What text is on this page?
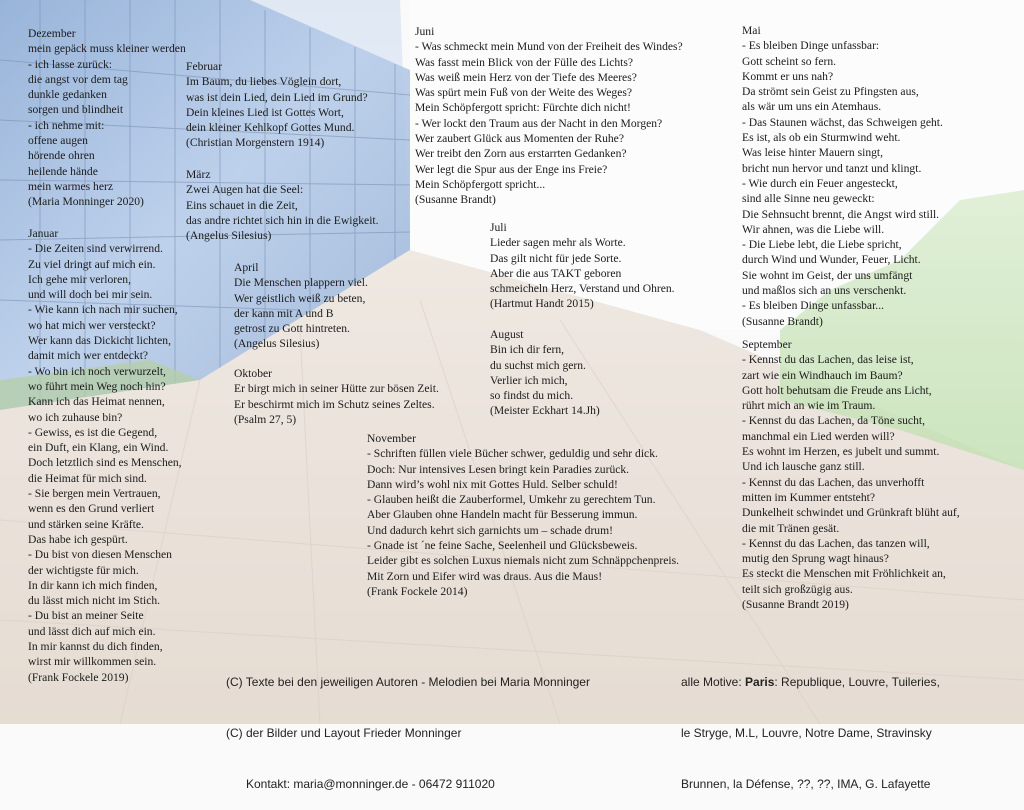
Dezember
mein gepäck muss kleiner werden
- ich lasse zurück:
die angst vor dem tag
dunkle gedanken
sorgen und blindheit
- ich nehme mit:
offene augen
hörende ohren
heilende hände
mein warmes herz
(Maria Monninger 2020)
Februar
Im Baum, du liebes Vöglein dort,
was ist dein Lied, dein Lied im Grund?
Dein kleines Lied ist Gottes Wort,
dein kleiner Kehlkopf Gottes Mund.
(Christian Morgenstern 1914)
März
Zwei Augen hat die Seel:
Eins schauet in die Zeit,
das andre richtet sich hin in die Ewigkeit.
(Angelus Silesius)
Januar
- Die Zeiten sind verwirrend.
Zu viel dringt auf mich ein.
Ich gehe mir verloren,
und will doch bei mir sein.
- Wie kann ich nach mir suchen,
wo hat mich wer versteckt?
Wer kann das Dickicht lichten,
damit mich wer entdeckt?
- Wo bin ich noch verwurzelt,
wo führt mein Weg noch hin?
Kann ich das Heimat nennen,
wo ich zuhause bin?
- Gewiss, es ist die Gegend,
ein Duft, ein Klang, ein Wind.
Doch letztlich sind es Menschen,
die Heimat für mich sind.
- Sie bergen mein Vertrauen,
wenn es den Grund verliert
und stärken seine Kräfte.
Das habe ich gespürt.
- Du bist von diesen Menschen
der wichtigste für mich.
In dir kann ich mich finden,
du lässt mich nicht im Stich.
- Du bist an meiner Seite
und lässt dich auf mich ein.
In mir kannst du dich finden,
wirst mir willkommen sein.
(Frank Fockele 2019)
April
Die Menschen plappern viel.
Wer geistlich weiß zu beten,
der kann mit A und B
getrost zu Gott hintreten.
(Angelus Silesius)
Oktober
Er birgt mich in seiner Hütte zur bösen Zeit.
Er beschirmt mich im Schutz seines Zeltes.
(Psalm 27, 5)
Juni
- Was schmeckt mein Mund von der Freiheit des Windes?
Was fasst mein Blick von der Fülle des Lichts?
Was weiß mein Herz von der Tiefe des Meeres?
Was spürt mein Fuß von der Weite des Weges?
Mein Schöpfergott spricht: Fürchte dich nicht!
- Wer lockt den Traum aus der Nacht in den Morgen?
Wer zaubert Glück aus Momenten der Ruhe?
Wer treibt den Zorn aus erstarrten Gedanken?
Wer legt die Spur aus der Enge ins Freie?
Mein Schöpfergott spricht...
(Susanne Brandt)
Juli
Lieder sagen mehr als Worte.
Das gilt nicht für jede Sorte.
Aber die aus TAKT geboren
schmeicheln Herz, Verstand und Ohren.
(Hartmut Handt 2015)
August
Bin ich dir fern,
du suchst mich gern.
Verlier ich mich,
so findst du mich.
(Meister Eckhart 14.Jh)
November
- Schriften füllen viele Bücher schwer, geduldig und sehr dick.
Doch: Nur intensives Lesen bringt kein Paradies zurück.
Dann wird’s wohl nix mit Gottes Huld. Selber schuld!
- Glauben heißt die Zauberformel, Umkehr zu gerechtem Tun.
Aber Glauben ohne Handeln macht für Besserung immun.
Und dadurch kehrt sich garnichts um – schade drum!
- Gnade ist ´ne feine Sache, Seelenheil und Glücksbeweis.
Leider gibt es solchen Luxus niemals nicht zum Schnäppchenpreis.
Mit Zorn und Eifer wird was draus. Aus die Maus!
(Frank Fockele 2014)
Mai
- Es bleiben Dinge unfassbar:
Gott scheint so fern.
Kommt er uns nah?
Da strömt sein Geist zu Pfingsten aus,
als wär um uns ein Atemhaus.
- Das Staunen wächst, das Schweigen geht.
Es ist, als ob ein Sturmwind weht.
Was leise hinter Mauern singt,
bricht nun hervor und tanzt und klingt.
- Wie durch ein Feuer angesteckt,
sind alle Sinne neu geweckt:
Die Sehnsucht brennt, die Angst wird still.
Wir ahnen, was die Liebe will.
- Die Liebe lebt, die Liebe spricht,
durch Wind und Wunder, Feuer, Licht.
Sie wohnt im Geist, der uns umfängt
und maßlos sich an uns verschenkt.
- Es bleiben Dinge unfassbar...
(Susanne Brandt)
September
- Kennst du das Lachen, das leise ist,
zart wie ein Windhauch im Baum?
Gott holt behutsam die Freude ans Licht,
rührt mich an wie im Traum.
- Kennst du das Lachen, da Töne sucht,
manchmal ein Lied werden will?
Es wohnt im Herzen, es jubelt und summt.
Und ich lausche ganz still.
- Kennst du das Lachen, das unverhofft
mitten im Kummer entsteht?
Dunkelheit schwindet und Grünkraft blüht auf,
die mit Tränen gesät.
- Kennst du das Lachen, das tanzen will,
mutig den Sprung wagt hinaus?
Es steckt die Menschen mit Fröhlichkeit an,
teilt sich großzügig aus.
(Susanne Brandt 2019)

(C) Texte bei den jeweiligen Autoren - Melodien bei Maria Monninger

(C) der Bilder und Layout Frieder Monninger

Kontakt: maria@monninger.de - 06472 911020

alle Motive: Paris: Republique, Louvre, Tuileries,

le Stryge, M.L, Louvre, Notre Dame, Stravinsky

Brunnen, la Défense, ??, ??, IMA, G. Lafayette
